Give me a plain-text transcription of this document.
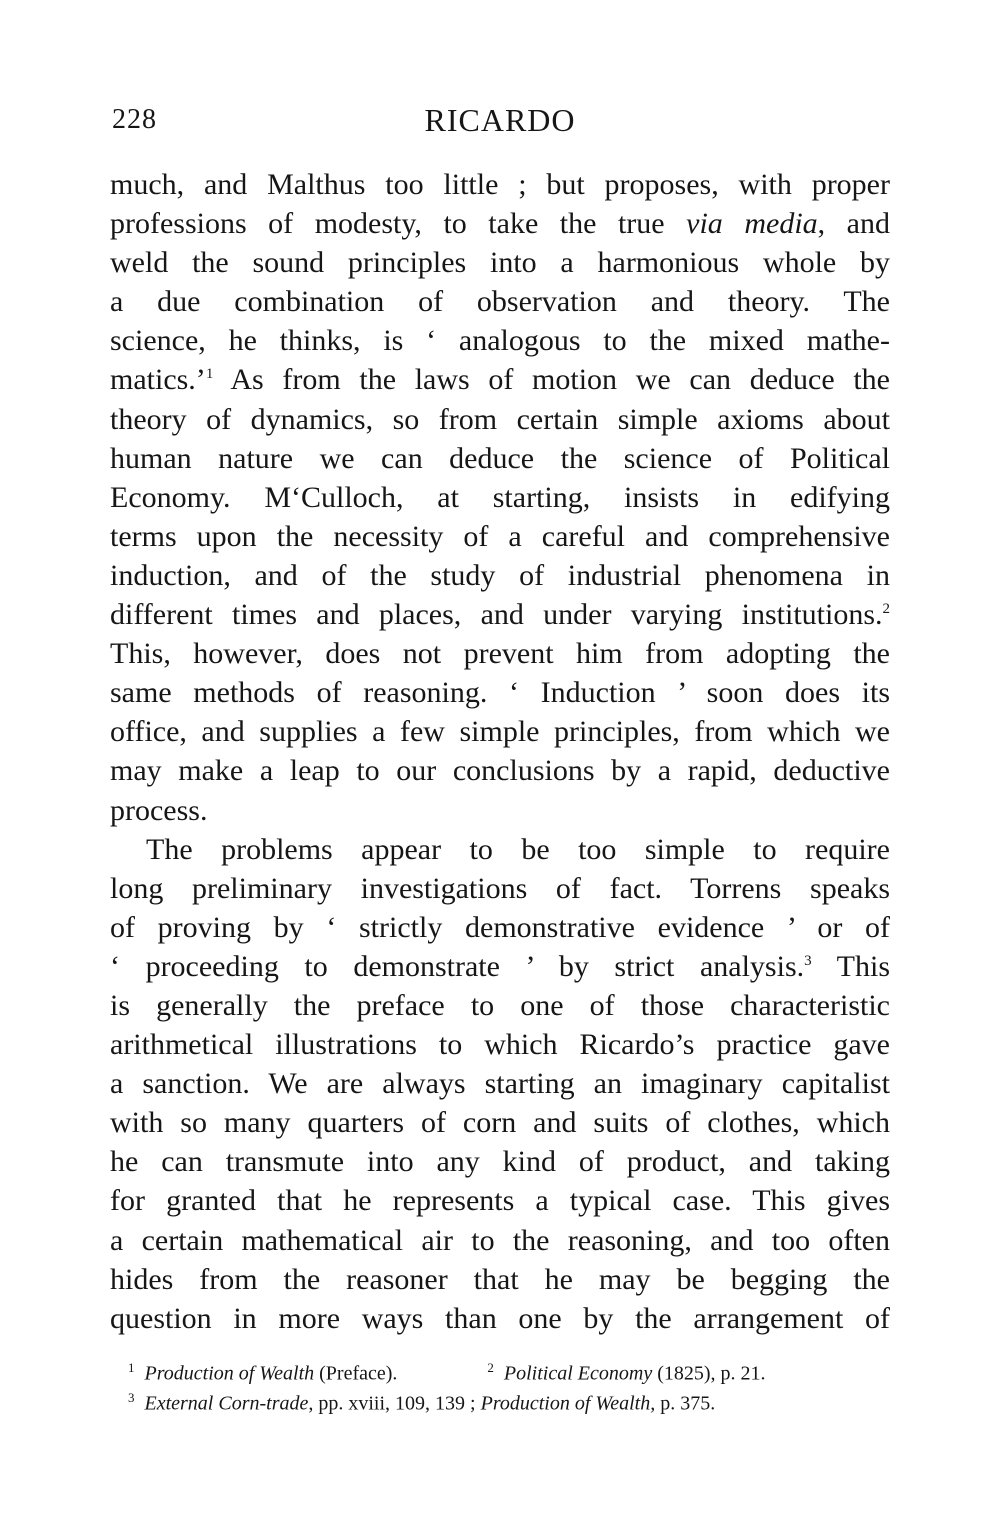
228	RICARDO
much, and Malthus too little ; but proposes, with proper
professions of modesty, to take the true via media, and
weld the sound principles into a harmonious whole by
a due combination of observation and theory. The
science, he thinks, is ‘ analogous to the mixed mathe-
matics.’$^1$ As from the laws of motion we can deduce the
theory of dynamics, so from certain simple axioms about
human nature we can deduce the science of Political
Economy. M‘Culloch, at starting, insists in edifying
terms upon the necessity of a careful and comprehensive
induction, and of the study of industrial phenomena in
different times and places, and under varying institutions.$^2$
This, however, does not prevent him from adopting the
same methods of reasoning. ‘ Induction ’ soon does its
office, and supplies a few simple principles, from which we
may make a leap to our conclusions by a rapid, deductive
process.
The problems appear to be too simple to require
long preliminary investigations of fact. Torrens speaks
of proving by ‘ strictly demonstrative evidence ’ or of
‘ proceeding to demonstrate ’ by strict analysis.$^3$ This
is generally the preface to one of those characteristic
arithmetical illustrations to which Ricardo’s practice gave
a sanction. We are always starting an imaginary capitalist
with so many quarters of corn and suits of clothes, which
he can transmute into any kind of product, and taking
for granted that he represents a typical case. This gives
a certain mathematical air to the reasoning, and too often
hides from the reasoner that he may be begging the
question in more ways than one by the arrangement of
$^1$ Production of Wealth (Preface).	$^2$ Political Economy (1825), p. 21.
$^3$ External Corn-trade, pp. xviii, 109, 139 ; Production of Wealth, p. 375.
